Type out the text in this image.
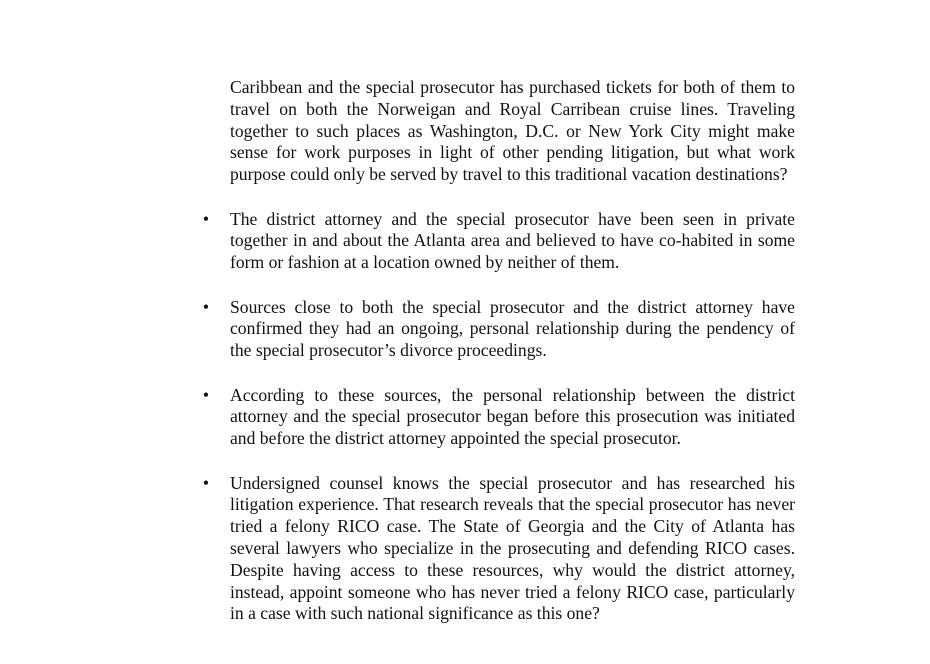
Caribbean and the special prosecutor has purchased tickets for both of them to travel on both the Norweigan and Royal Carribean cruise lines. Traveling together to such places as Washington, D.C. or New York City might make sense for work purposes in light of other pending litigation, but what work purpose could only be served by travel to this traditional vacation destinations?

• The district attorney and the special prosecutor have been seen in private together in and about the Atlanta area and believed to have co-habited in some form or fashion at a location owned by neither of them.

• Sources close to both the special prosecutor and the district attorney have confirmed they had an ongoing, personal relationship during the pendency of the special prosecutor’s divorce proceedings.

• According to these sources, the personal relationship between the district attorney and the special prosecutor began before this prosecution was initiated and before the district attorney appointed the special prosecutor.

• Undersigned counsel knows the special prosecutor and has researched his litigation experience. That research reveals that the special prosecutor has never tried a felony RICO case. The State of Georgia and the City of Atlanta has several lawyers who specialize in the prosecuting and defending RICO cases. Despite having access to these resources, why would the district attorney, instead, appoint someone who has never tried a felony RICO case, particularly in a case with such national significance as this one?
